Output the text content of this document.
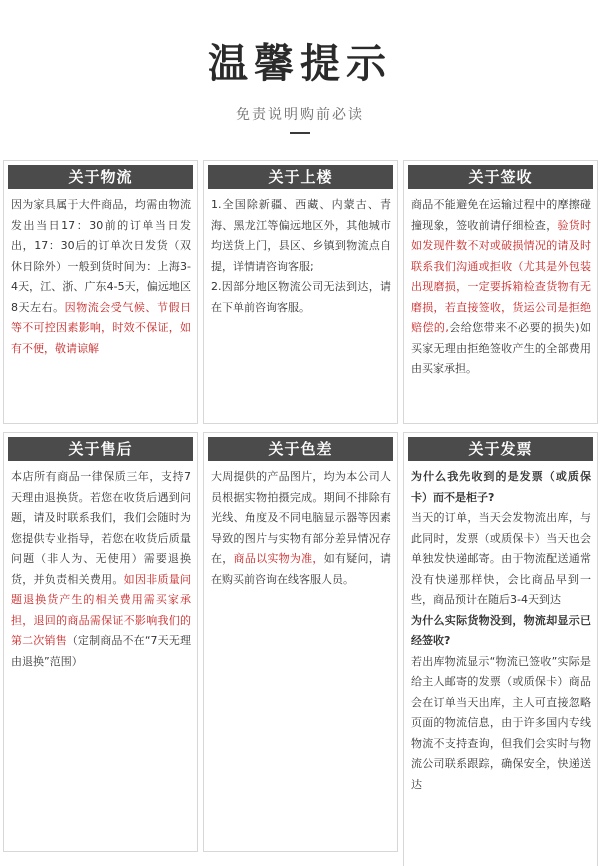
温馨提示
免责说明购前必读
关于物流

因为家具属于大件商品，均需由物流发出当日17：30前的订单当日发出，17：30后的订单次日发货（双休日除外）一般到货时间为：上海3-4天，江、浙、广东4-5天，偏远地区8天左右。因物流会受气候、节假日等不可控因素影响，时效不保证，如有不便，敬请谅解

关于上楼

1.全国除新疆、西藏、内蒙古、青海、黑龙江等偏远地区外，其他城市均送货上门，县区、乡镇到物流点自提，详情请咨询客服;

2.因部分地区物流公司无法到达，请在下单前咨询客服。

关于签收

商品不能避免在运输过程中的摩擦碰撞现象，签收前请仔细检查，验货时如发现件数不对或破损情况的请及时联系我们沟通或拒收（尤其是外包装出现磨损，一定要拆箱检查货物有无磨损，若直接签收，货运公司是拒绝赔偿的,会给您带来不必要的损失)如买家无理由拒绝签收产生的全部费用由买家承担。

关于售后

本店所有商品一律保质三年，支持7天理由退换货。若您在收货后遇到问题，请及时联系我们，我们会随时为您提供专业指导，若您在收货后质量问题（非人为、无使用）需要退换货，并负责相关费用。如因非质量问题退换货产生的相关费用需买家承担，退回的商品需保证不影响我们的第二次销售（定制商品不在“7天无理由退换”范围）

关于色差

大周提供的产品图片，均为本公司人员根据实物拍摄完成。期间不排除有光线、角度及不同电脑显示器等因素导致的图片与实物有部分差异情况存在，商品以实物为准，如有疑问，请在购买前咨询在线客服人员。

关于发票

为什么我先收到的是发票（或质保卡）而不是柜子?

当天的订单，当天会发物流出库，与此同时，发票（或质保卡）当天也会单独发快递邮寄。由于物流配送通常没有快递那样快，会比商品早到一些，商品预计在随后3-4天到达

为什么实际货物没到，物流却显示已经签收?

若出库物流显示“物流已签收”实际是给主人邮寄的发票（或质保卡）商品会在订单当天出库，主人可直接忽略页面的物流信息，由于许多国内专线物流不支持查询，但我们会实时与物流公司联系跟踪，确保安全，快递送达
